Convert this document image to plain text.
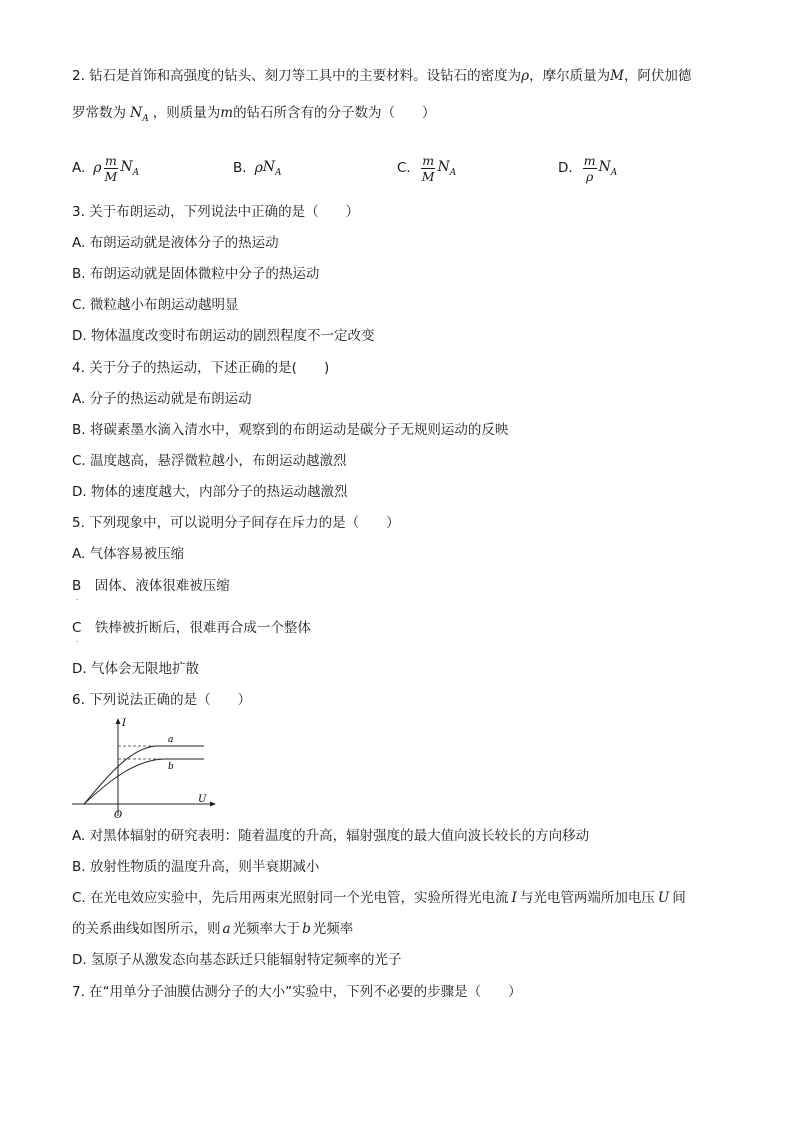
2. 钻石是首饰和高强度的钻头、刻刀等工具中的主要材料。设钻石的密度为ρ，摩尔质量为M，阿伏加德
罗常数为 $N_A$ ，则质量为m的钻石所含有的分子数为（　　）
A. ρ $\frac{m}{M} N_A$	B. ρ $N_A$	C. $\frac{m}{M} N_A$	D. $\frac{m}{\rho} N_A$
3. 关于布朗运动，下列说法中正确的是（　　）
A. 布朗运动就是液体分子的热运动
B. 布朗运动就是固体微粒中分子的热运动
C. 微粒越小布朗运动越明显
D. 物体温度改变时布朗运动的剧烈程度不一定改变
4. 关于分子的热运动，下述正确的是(　　)
A. 分子的热运动就是布朗运动
B. 将碳素墨水滴入清水中，观察到的布朗运动是碳分子无规则运动的反映
C. 温度越高，悬浮微粒越小，布朗运动越激烈
D. 物体的速度越大，内部分子的热运动越激烈
5. 下列现象中，可以说明分子间存在斥力的是（　　）
A. 气体容易被压缩
B　固体、液体很难被压缩
.
C　铁棒被折断后，很难再合成一个整体
.
D. 气体会无限地扩散
6. 下列说法正确的是（　　）
I
U
O
a
b
A. 对黑体辐射的研究表明：随着温度的升高，辐射强度的最大值向波长较长的方向移动
B. 放射性物质的温度升高，则半衰期减小
C. 在光电效应实验中，先后用两束光照射同一个光电管，实验所得光电流 I 与光电管两端所加电压 U 间
的关系曲线如图所示，则 a 光频率大于 b 光频率
D. 氢原子从激发态向基态跃迁只能辐射特定频率的光子
7. 在“用单分子油膜估测分子的大小”实验中，下列不必要的步骤是（　　）
